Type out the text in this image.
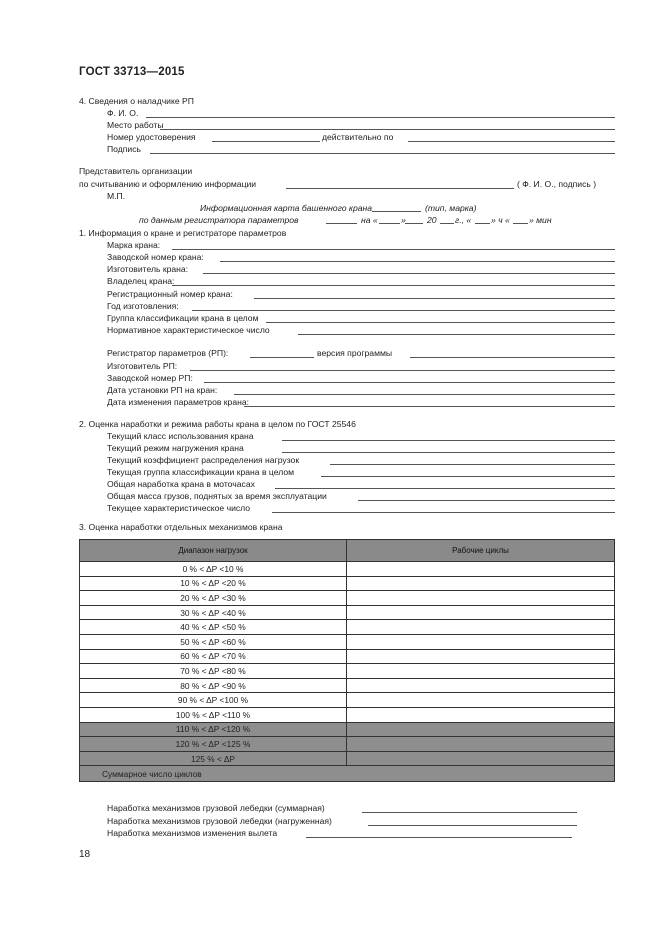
ГОСТ 33713—2015
4. Сведения о наладчике РП
Ф. И. О.
Место работы
Номер удостоверения	действительно по
Подпись
Представитель организации
по считыванию и оформлению информации	( Ф. И. О., подпись )
М.П.
Информационная карта башенного крана	(тип, марка)
по данным регистратора параметров	на «	» 20 г., « » ч « » мин
1. Информация о кране и регистраторе параметров
Марка крана:
Заводской номер крана:
Изготовитель крана:
Владелец крана:
Регистрационный номер крана:
Год изготовления:
Группа классификации крана в целом
Нормативное характеристическое число
Регистратор параметров (РП):	версия программы
Изготовитель РП:
Заводской номер РП:
Дата установки РП на кран:
Дата изменения параметров крана:
2. Оценка наработки и режима работы крана в целом по ГОСТ 25546
Текущий класс использования крана
Текущий режим нагружения крана
Текущий коэффициент распределения нагрузок
Текущая группа классификации крана в целом
Общая наработка крана в моточасах
Общая масса грузов, поднятых за время эксплуатации
Текущее характеристическое число
3. Оценка наработки отдельных механизмов крана
Диапазон нагрузок	Рабочие циклы
0 % < ΔP <10 %	
10 % < ΔP <20 %	
20 % < ΔP <30 %	
30 % < ΔP <40 %	
40 % < ΔP <50 %	
50 % < ΔP <60 %	
60 % < ΔP <70 %	
70 % < ΔP <80 %	
80 % < ΔP <90 %	
90 % < ΔP <100 %	
100 % < ΔP <110 %	
110 % < ΔP <120 %	
120 % < ΔP <125 %	
125 % < ΔP	
Суммарное число циклов	
Наработка механизмов грузовой лебедки (суммарная)
Наработка механизмов грузовой лебедки (нагруженная)
Наработка механизмов изменения вылета
18
